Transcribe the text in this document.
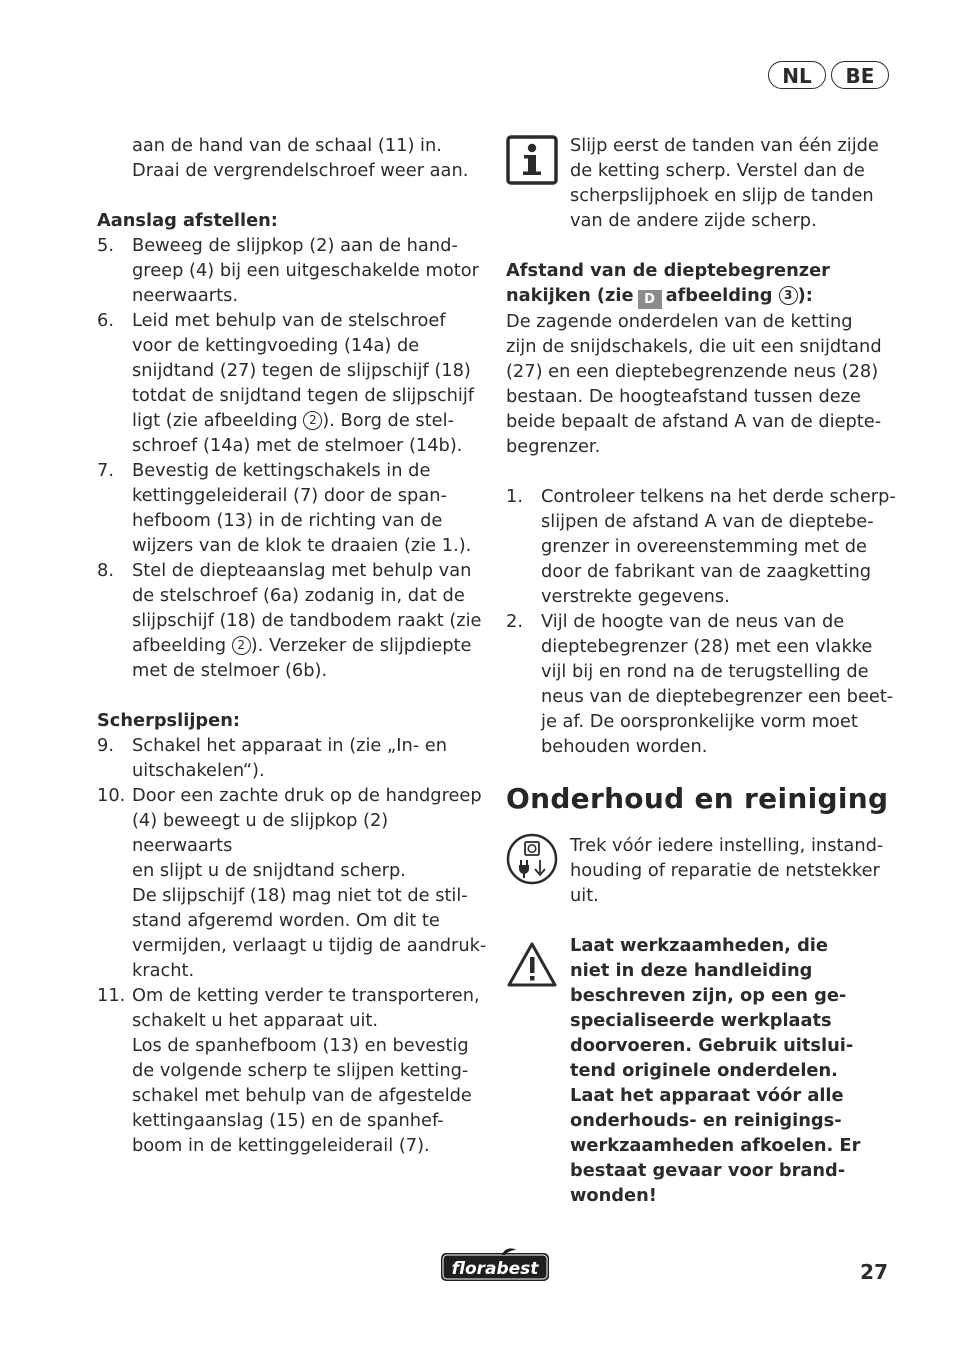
NL	BE
aan de hand van de schaal (11) in.
Draai de vergrendelschroef weer aan.

Aanslag afstellen:

5. Beweeg de slijpkop (2) aan de hand-
greep (4) bij een uitgeschakelde motor
neerwaarts.
6. Leid met behulp van de stelschroef
voor de kettingvoeding (14a) de
snijdtand (27) tegen de slijpschijf (18)
totdat de snijdtand tegen de slijpschijf
ligt (zie afbeelding 2 ). Borg de stel-
schroef (14a) met de stelmoer (14b).
7. Bevestig de kettingschakels in de
kettinggeleiderail (7) door de span-
hefboom (13) in de richting van de
wijzers van de klok te draaien (zie 1.).
8. Stel de diepteaanslag met behulp van
de stelschroef (6a) zodanig in, dat de
slijpschijf (18) de tandbodem raakt (zie
afbeelding 2 ). Verzeker de slijpdiepte
met de stelmoer (6b).

Scherpslijpen:

9. Schakel het apparaat in (zie „In- en
uitschakelen“).
10. Door een zachte druk op de handgreep
(4) beweegt u de slijpkop (2) neerwaarts
en slijpt u de snijdtand scherp.
De slijpschijf (18) mag niet tot de stil-
stand afgeremd worden. Om dit te
vermijden, verlaagt u tijdig de aandruk-
kracht.
11. Om de ketting verder te transporteren,
schakelt u het apparaat uit.
Los de spanhefboom (13) en bevestig
de volgende scherp te slijpen ketting-
schakel met behulp van de afgestelde
kettingaanslag (15) en de spanhef-
boom in de kettinggeleiderail (7).
Slijp eerst de tanden van één zijde
de ketting scherp. Verstel dan de
scherpslijphoek en slijp de tanden
van de andere zijde scherp.

Afstand van de dieptebegrenzer
nakijken (zie D afbeelding 3 ):

De zagende onderdelen van de ketting
zijn de snijdschakels, die uit een snijdtand
(27) en een dieptebegrenzende neus (28)
bestaan. De hoogteafstand tussen deze
beide bepaalt de afstand A van de diepte-
begrenzer.
1. Controleer telkens na het derde scherp-
slijpen de afstand A van de dieptebe-
grenzer in overeenstemming met de
door de fabrikant van de zaagketting
verstrekte gegevens.
2. Vijl de hoogte van de neus van de
dieptebegrenzer (28) met een vlakke
vijl bij en rond na de terugstelling de
neus van de dieptebegrenzer een beet-
je af. De oorspronkelijke vorm moet
behouden worden.
Onderhoud en reiniging
Trek vóór iedere instelling, instand-
houding of reparatie de netstekker
uit.
Laat werkzaamheden, die
niet in deze handleiding
beschreven zijn, op een ge-
specialiseerde werkplaats
doorvoeren. Gebruik uitslui-
tend originele onderdelen.
Laat het apparaat vóór alle
onderhouds- en reinigings-
werkzaamheden afkoelen. Er
bestaat gevaar voor brand-
wonden!
florabest	27
